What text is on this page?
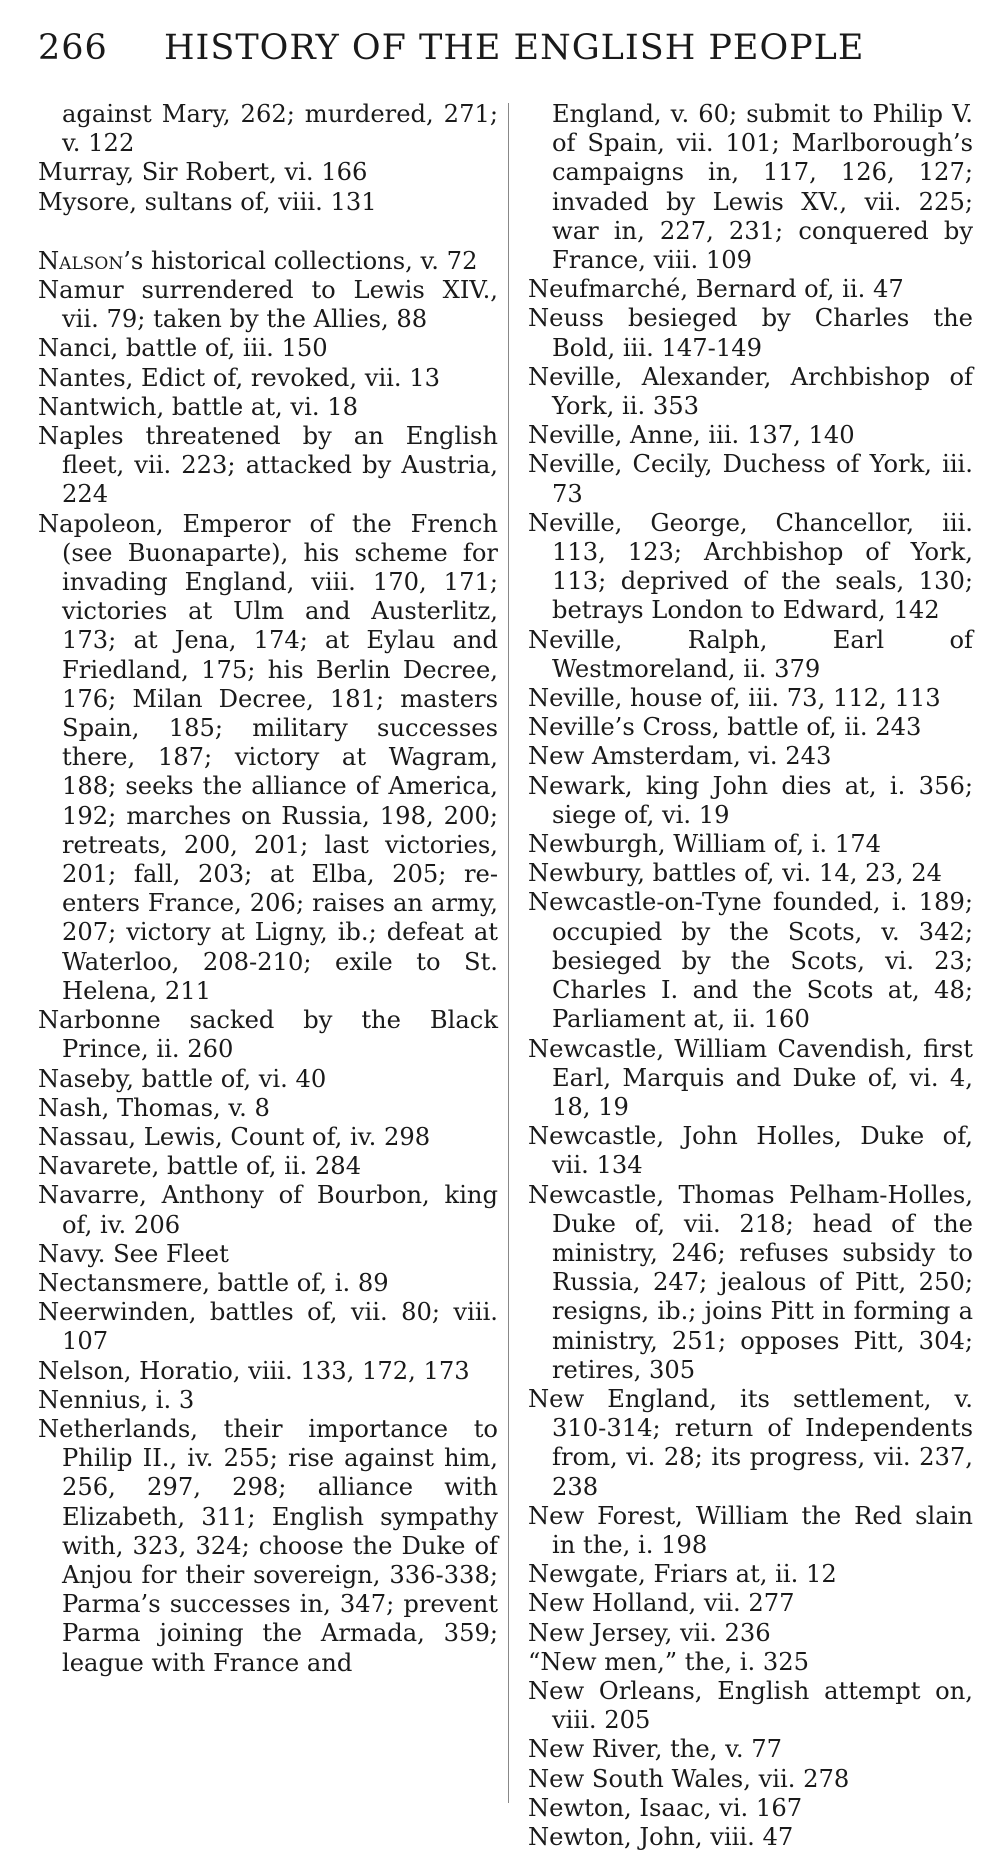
266 HISTORY OF THE ENGLISH PEOPLE
against Mary, 262; murdered, 271; v. 122
Murray, Sir Robert, vi. 166
Mysore, sultans of, viii. 131
Nalson’s historical collections, v. 72
Namur surrendered to Lewis XIV., vii. 79; taken by the Allies, 88
Nanci, battle of, iii. 150
Nantes, Edict of, revoked, vii. 13
Nantwich, battle at, vi. 18
Naples threatened by an English fleet, vii. 223; attacked by Austria, 224
Napoleon, Emperor of the French (see Buonaparte), his scheme for invading England, viii. 170, 171; victories at Ulm and Austerlitz, 173; at Jena, 174; at Eylau and Friedland, 175; his Berlin Decree, 176; Milan Decree, 181; masters Spain, 185; military successes there, 187; victory at Wagram, 188; seeks the alliance of America, 192; marches on Russia, 198, 200; retreats, 200, 201; last victories, 201; fall, 203; at Elba, 205; re-enters France, 206; raises an army, 207; victory at Ligny, ib.; defeat at Waterloo, 208-210; exile to St. Helena, 211
Narbonne sacked by the Black Prince, ii. 260
Naseby, battle of, vi. 40
Nash, Thomas, v. 8
Nassau, Lewis, Count of, iv. 298
Navarete, battle of, ii. 284
Navarre, Anthony of Bourbon, king of, iv. 206
Navy. See Fleet
Nectansmere, battle of, i. 89
Neerwinden, battles of, vii. 80; viii. 107
Nelson, Horatio, viii. 133, 172, 173
Nennius, i. 3
Netherlands, their importance to Philip II., iv. 255; rise against him, 256, 297, 298; alliance with Elizabeth, 311; English sympathy with, 323, 324; choose the Duke of Anjou for their sovereign, 336-338; Parma’s successes in, 347; prevent Parma joining the Armada, 359; league with France and
England, v. 60; submit to Philip V. of Spain, vii. 101; Marlborough’s campaigns in, 117, 126, 127; invaded by Lewis XV., vii. 225; war in, 227, 231; conquered by France, viii. 109
Neufmarché, Bernard of, ii. 47
Neuss besieged by Charles the Bold, iii. 147-149
Neville, Alexander, Archbishop of York, ii. 353
Neville, Anne, iii. 137, 140
Neville, Cecily, Duchess of York, iii. 73
Neville, George, Chancellor, iii. 113, 123; Archbishop of York, 113; deprived of the seals, 130; betrays London to Edward, 142
Neville, Ralph, Earl of Westmoreland, ii. 379
Neville, house of, iii. 73, 112, 113
Neville’s Cross, battle of, ii. 243
New Amsterdam, vi. 243
Newark, king John dies at, i. 356; siege of, vi. 19
Newburgh, William of, i. 174
Newbury, battles of, vi. 14, 23, 24
Newcastle-on-Tyne founded, i. 189; occupied by the Scots, v. 342; besieged by the Scots, vi. 23; Charles I. and the Scots at, 48; Parliament at, ii. 160
Newcastle, William Cavendish, first Earl, Marquis and Duke of, vi. 4, 18, 19
Newcastle, John Holles, Duke of, vii. 134
Newcastle, Thomas Pelham-Holles, Duke of, vii. 218; head of the ministry, 246; refuses subsidy to Russia, 247; jealous of Pitt, 250; resigns, ib.; joins Pitt in forming a ministry, 251; opposes Pitt, 304; retires, 305
New England, its settlement, v. 310-314; return of Independents from, vi. 28; its progress, vii. 237, 238
New Forest, William the Red slain in the, i. 198
Newgate, Friars at, ii. 12
New Holland, vii. 277
New Jersey, vii. 236
“New men,” the, i. 325
New Orleans, English attempt on, viii. 205
New River, the, v. 77
New South Wales, vii. 278
Newton, Isaac, vi. 167
Newton, John, viii. 47
